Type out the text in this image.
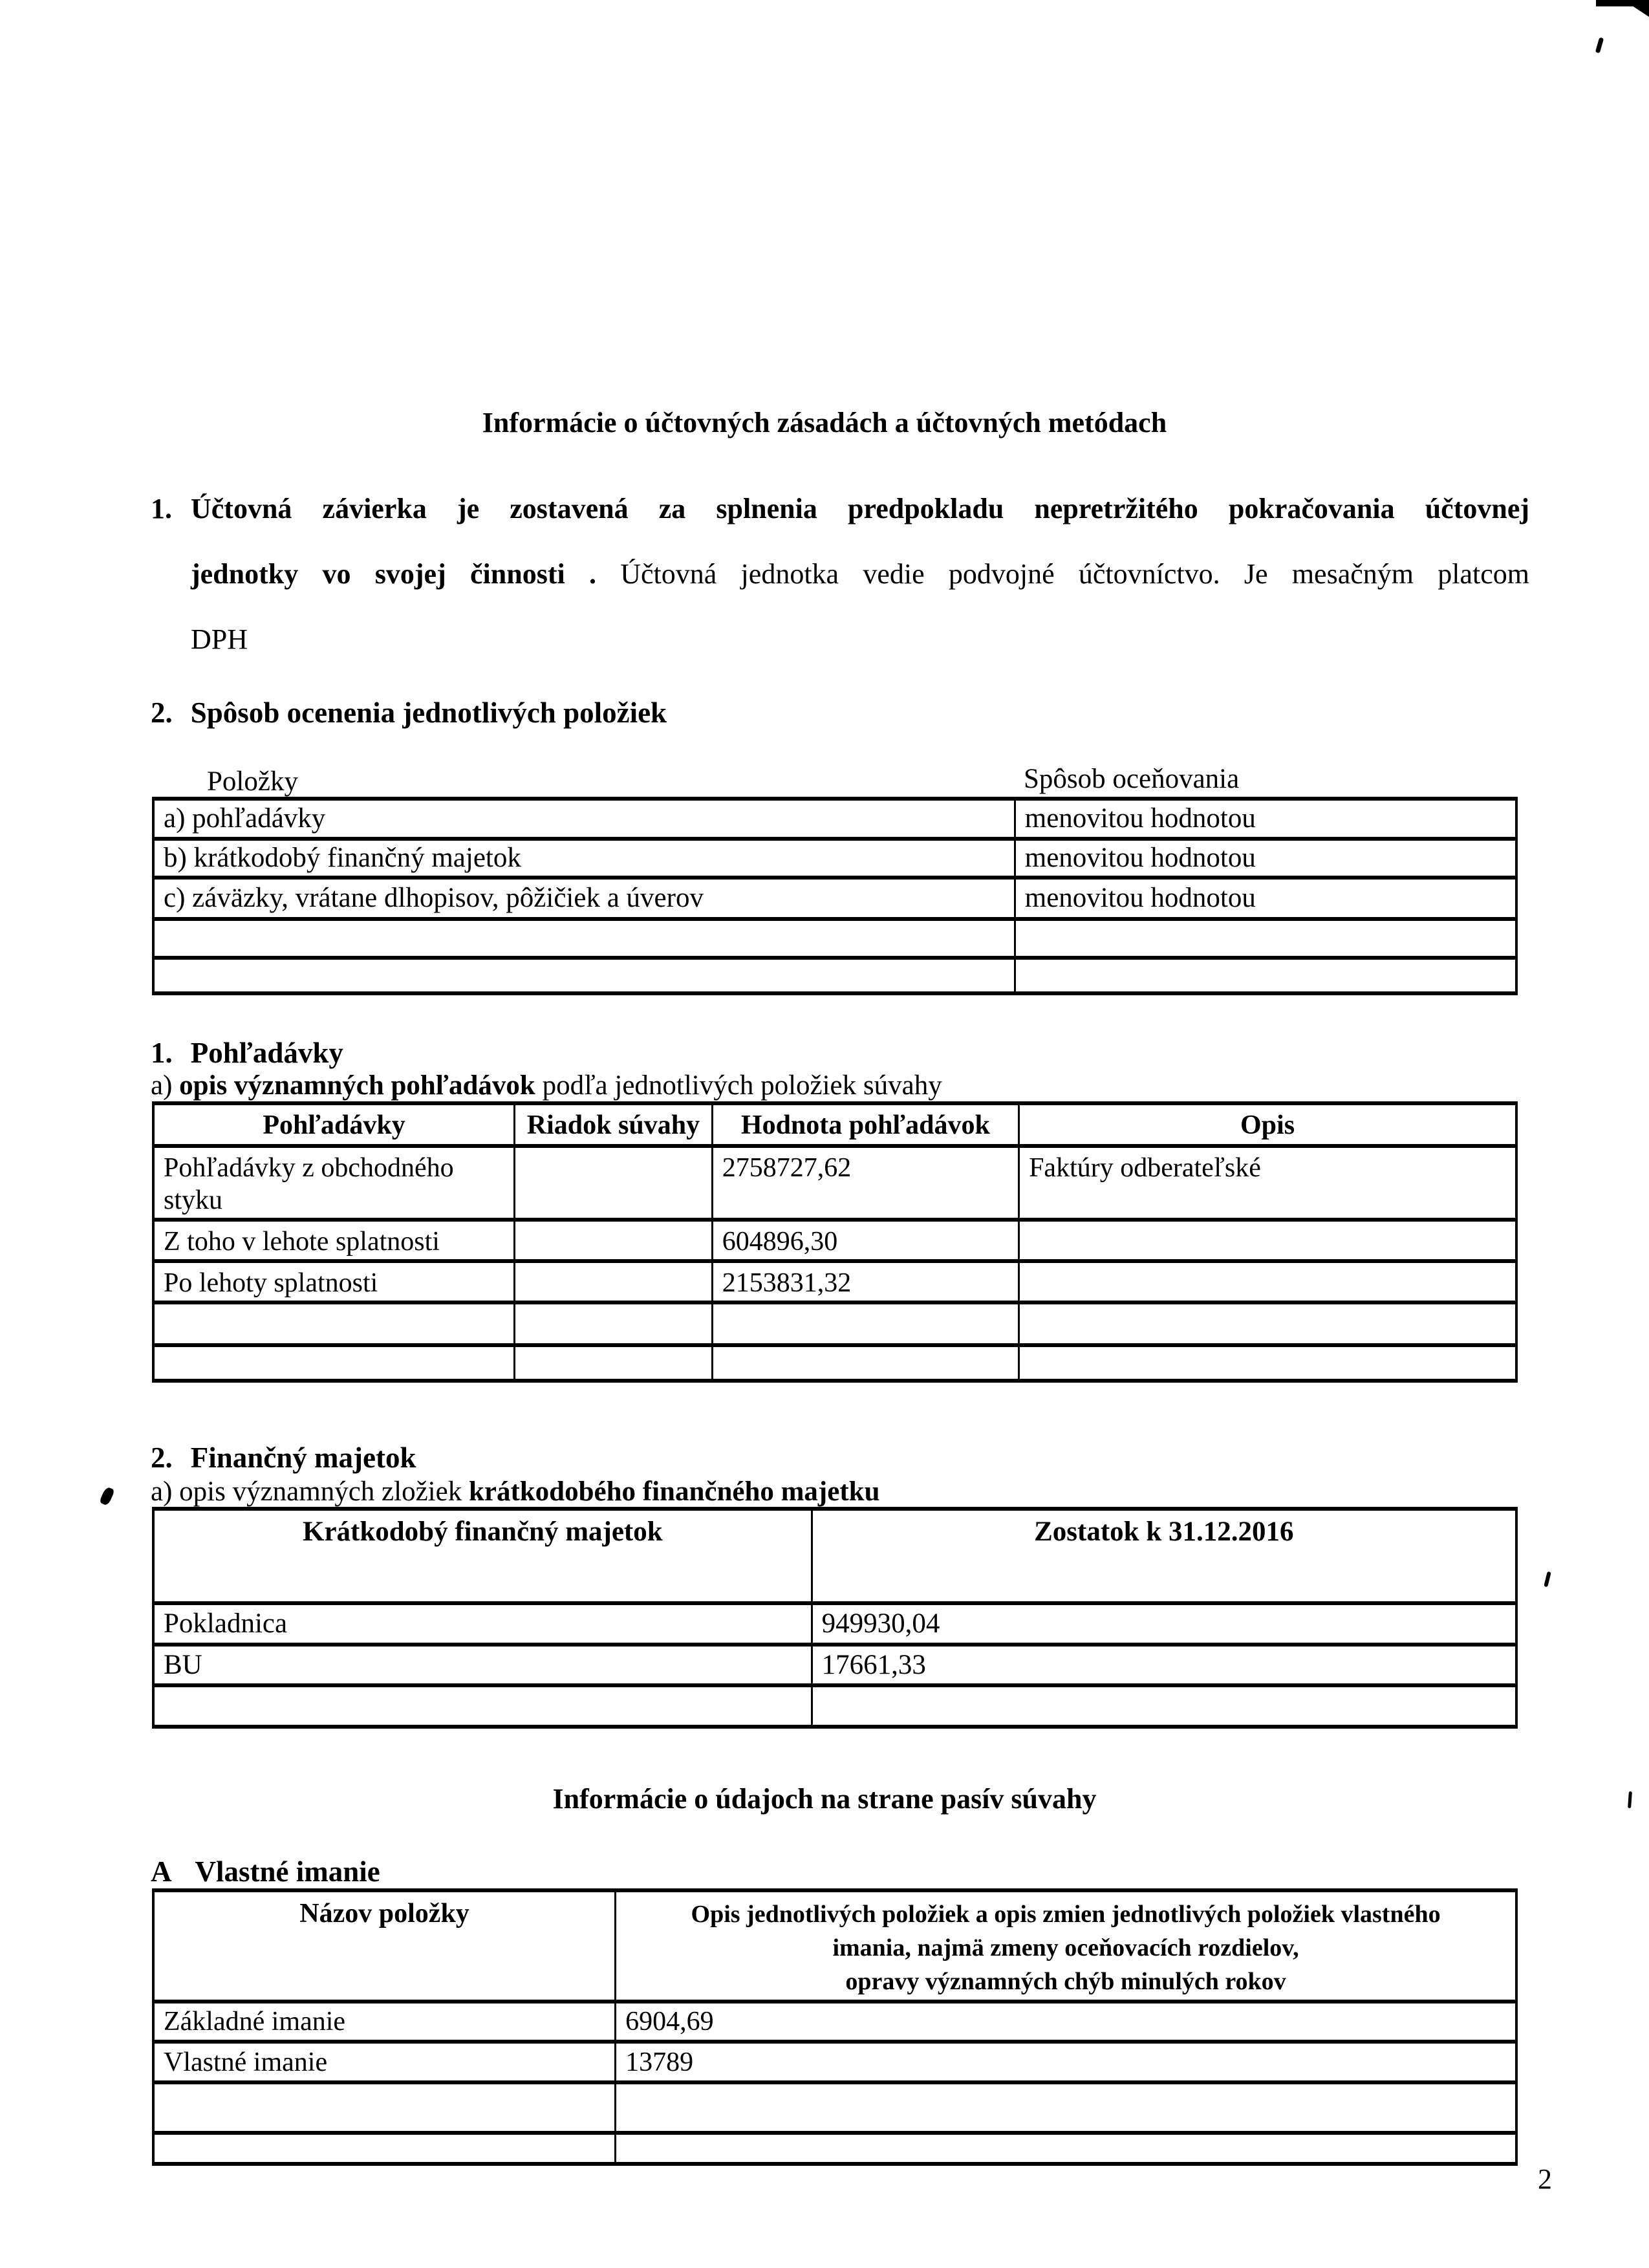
Informácie o účtovných zásadách a účtovných metódach
1. Účtovná závierka je zostavená za splnenia predpokladu nepretržitého pokračovania účtovnej
jednotky vo svojej činnosti . Účtovná jednotka vedie podvojné účtovníctvo. Je mesačným platcom
DPH
2. Spôsob ocenenia jednotlivých položiek
Položky	Spôsob oceňovania
a) pohľadávky	menovitou hodnotou
b) krátkodobý finančný majetok	menovitou hodnotou
c) záväzky, vrátane dlhopisov, pôžičiek a úverov	menovitou hodnotou

1. Pohľadávky
a) opis významných pohľadávok podľa jednotlivých položiek súvahy
Pohľadávky	Riadok súvahy	Hodnota pohľadávok	Opis
Pohľadávky z obchodného styku		2758727,62	Faktúry odberateľské
Z toho v lehote splatnosti		604896,30	
Po lehoty splatnosti		2153831,32	

2. Finančný majetok
a) opis významných zložiek krátkodobého finančného majetku
Krátkodobý finančný majetok	Zostatok k 31.12.2016
Pokladnica	949930,04
BU	17661,33

Informácie o údajoch na strane pasív súvahy
A Vlastné imanie
Názov položky	Opis jednotlivých položiek a opis zmien jednotlivých položiek vlastného
imania, najmä zmeny oceňovacích rozdielov,
opravy významných chýb minulých rokov

Základné imanie	6904,69
Vlastné imanie	13789

2
